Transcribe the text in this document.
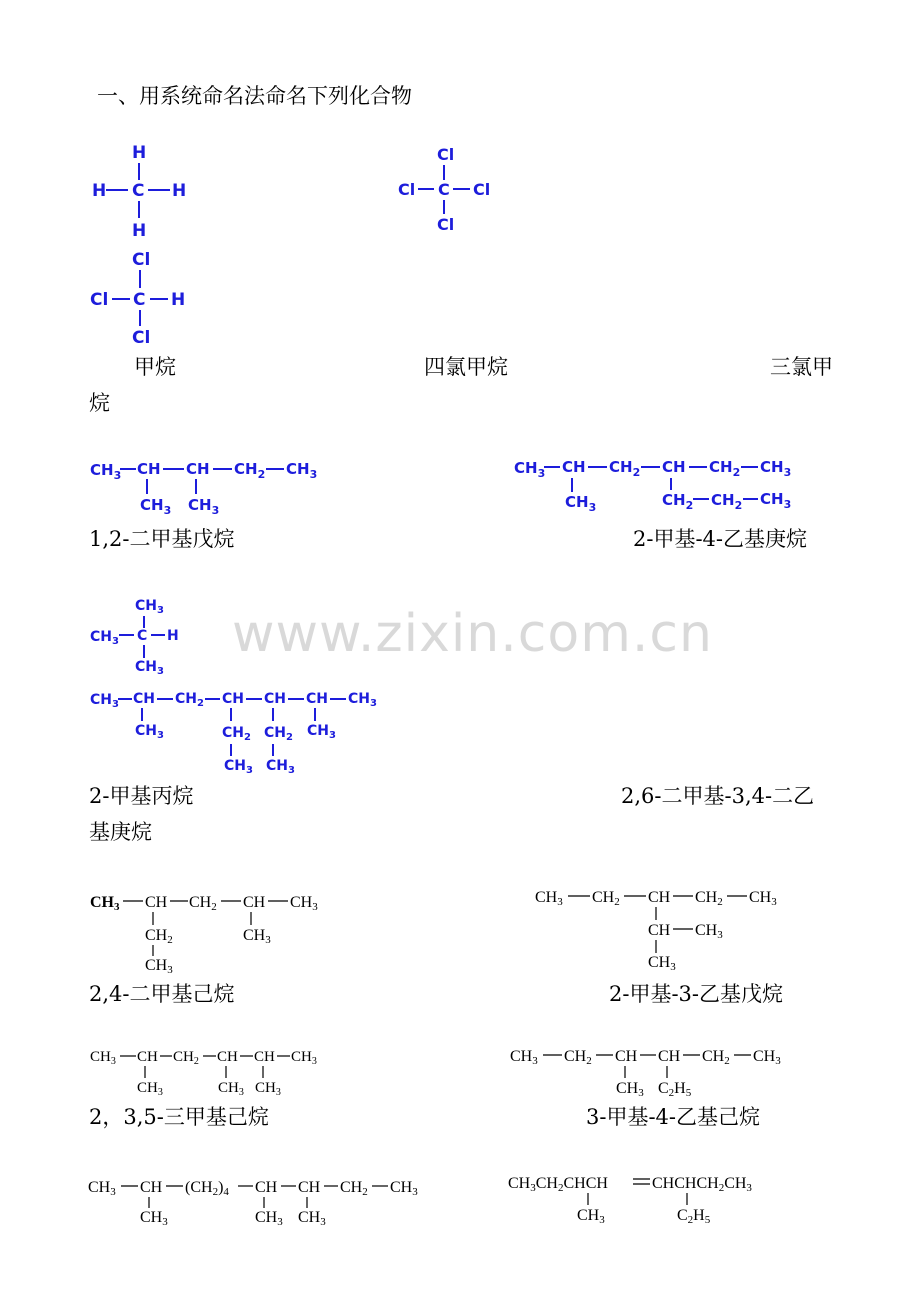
一、用系统命名法命名下列化合物
www.zixin.com.cn
H
H C H
H
Cl
Cl C Cl
Cl
Cl
Cl C H
Cl
$CH_3$ CH CH $CH_2$ $CH_3$
$CH_3$ $CH_3$
$CH_3$ CH $CH_2$ CH $CH_2$ $CH_3$
$CH_3$	$CH_2$ $CH_2$ $CH_3$
$CH_3$
$CH_3$ C H
$CH_3$
$CH_3$ CH $CH_2$ CH CH CH $CH_3$
$CH_3$	$CH_2$
$CH_3$
$CH_2$
$CH_3$
$CH_3$
CH3 CH CH2 CH CH3
CH2
CH3
CH3
CH3 CH2 CH CH2 CH3
CH CH3
CH3
$CH_3$ CH $CH_2$ CH CH $CH_3$
$CH_3$	$CH_3$ $CH_3$
CH3 CH2 CH CH CH2 CH3
CH3 C2H5
CH3 CH (CH2)4 CH CH CH2 CH3
CH3	CH3 CH3
CH3CH2CHCH	CHCHCH2CH3
CH3	C2H5
甲烷	四氯甲烷	三氯甲
烷
1,2-二甲基戊烷	2-甲基-4-乙基庚烷
2-甲基丙烷	2,6-二甲基-3,4-二乙
基庚烷
2,4-二甲基己烷	2-甲基-3-乙基戊烷
2，3,5-三甲基己烷	3-甲基-4-乙基己烷
